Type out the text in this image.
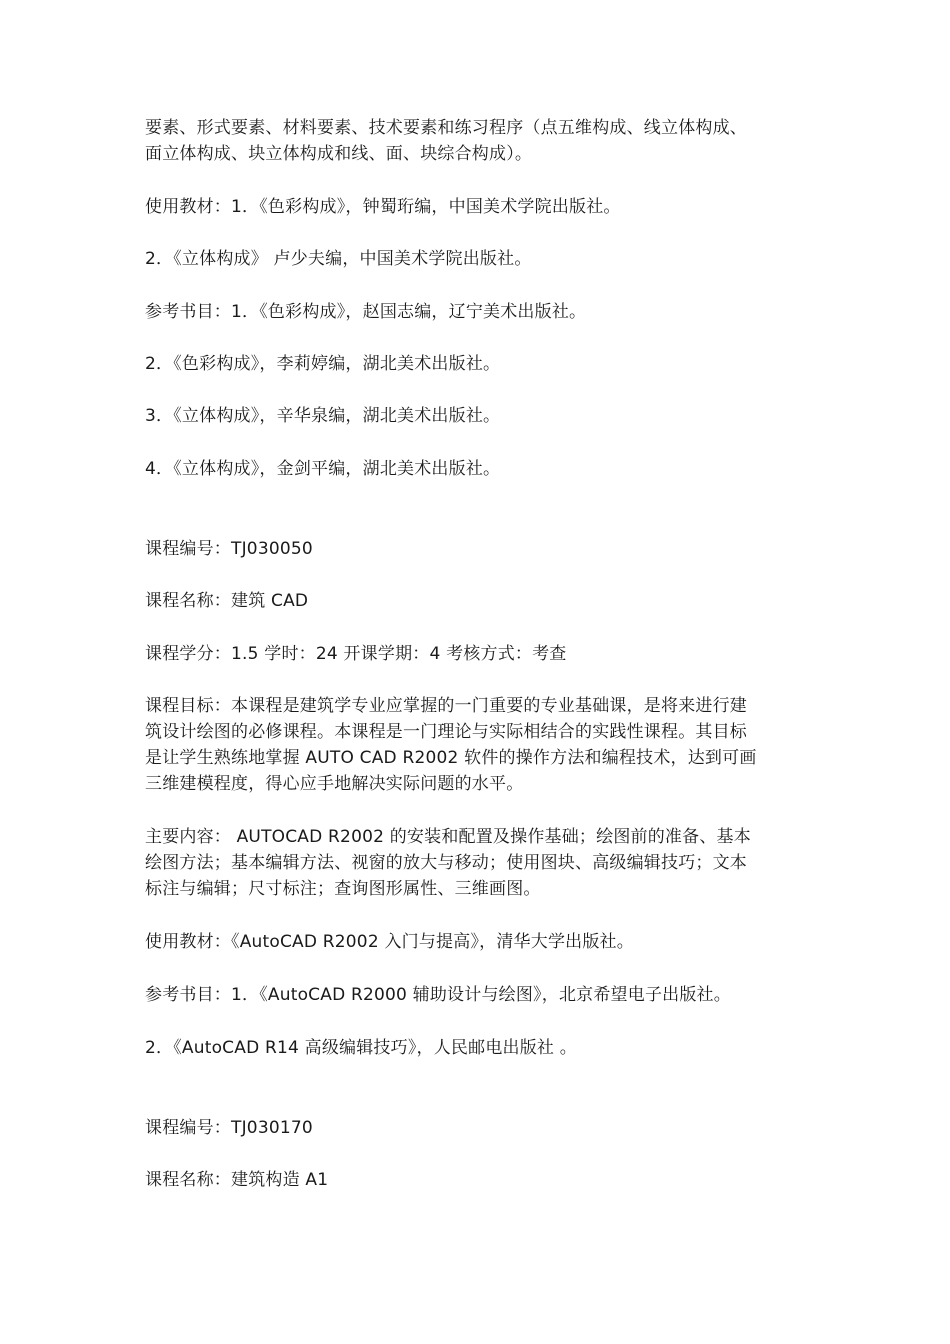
要素、形式要素、材料要素、技术要素和练习程序（点五维构成、线立体构成、
面立体构成、块立体构成和线、面、块综合构成）。
使用教材：1．《色彩构成》，钟蜀珩编，中国美术学院出版社。
2．《立体构成》 卢少夫编，中国美术学院出版社。
参考书目：1．《色彩构成》，赵国志编，辽宁美术出版社。
2．《色彩构成》，李莉婷编，湖北美术出版社。
3．《立体构成》，辛华泉编，湖北美术出版社。
4．《立体构成》，金剑平编，湖北美术出版社。
课程编号：TJ030050
课程名称：建筑 CAD
课程学分：1.5 学时：24 开课学期：4 考核方式：考查
课程目标：本课程是建筑学专业应掌握的一门重要的专业基础课，是将来进行建
筑设计绘图的必修课程。本课程是一门理论与实际相结合的实践性课程。其目标
是让学生熟练地掌握 AUTO CAD R2002 软件的操作方法和编程技术，达到可画
三维建模程度，得心应手地解决实际问题的水平。
主要内容： AUTOCAD R2002 的安装和配置及操作基础；绘图前的准备、基本
绘图方法；基本编辑方法、视窗的放大与移动；使用图块、高级编辑技巧；文本
标注与编辑；尺寸标注；查询图形属性、三维画图。
使用教材：《AutoCAD R2002 入门与提高》，清华大学出版社。
参考书目：1．《AutoCAD R2000 辅助设计与绘图》，北京希望电子出版社。
2．《AutoCAD R14 高级编辑技巧》，人民邮电出版社 。
课程编号：TJ030170
课程名称：建筑构造 A1
